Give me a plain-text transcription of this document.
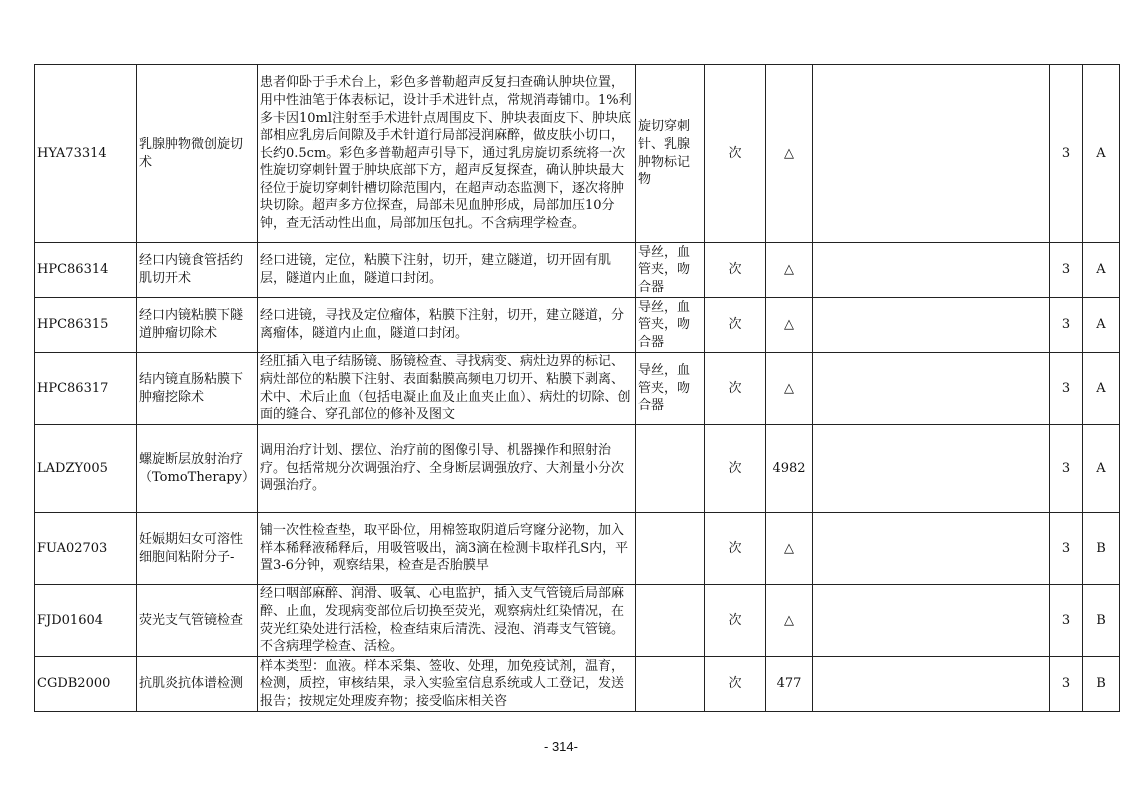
HYA73314	乳腺肿物微创旋切术	患者仰卧于手术台上，彩色多普勒超声反复扫查确认肿块位置，用中性油笔于体表标记，设计手术进针点，常规消毒铺巾。1%利多卡因10ml注射至手术进针点周围皮下、肿块表面皮下、肿块底部相应乳房后间隙及手术针道行局部浸润麻醉，做皮肤小切口，长约0.5cm。彩色多普勒超声引导下，通过乳房旋切系统将一次性旋切穿刺针置于肿块底部下方，超声反复探查，确认肿块最大径位于旋切穿刺针槽切除范围内，在超声动态监测下，逐次将肿块切除。超声多方位探查，局部未见血肿形成，局部加压10分钟，查无活动性出血，局部加压包扎。不含病理学检查。	旋切穿刺针、乳腺肿物标记物	次	△		3	A

HPC86314	经口内镜食管括约肌切开术	经口进镜，定位，粘膜下注射，切开，建立隧道，切开固有肌层，隧道内止血，隧道口封闭。	导丝，血管夹，吻合器	次	△		3	A

HPC86315	经口内镜粘膜下隧道肿瘤切除术	经口进镜，寻找及定位瘤体，粘膜下注射，切开，建立隧道，分离瘤体，隧道内止血，隧道口封闭。	导丝，血管夹，吻合器	次	△		3	A

HPC86317	结内镜直肠粘膜下肿瘤挖除术	经肛插入电子结肠镜、肠镜检查、寻找病变、病灶边界的标记、病灶部位的粘膜下注射、表面黏膜高频电刀切开、粘膜下剥离、术中、术后止血（包括电凝止血及止血夹止血）、病灶的切除、创面的缝合、穿孔部位的修补及图文	导丝，血管夹，吻合器	次	△		3	A

LADZY005	螺旋断层放射治疗（TomoTherapy）	调用治疗计划、摆位、治疗前的图像引导、机器操作和照射治疗。包括常规分次调强治疗、全身断层调强放疗、大剂量小分次调强治疗。		次	4982		3	A

FUA02703	妊娠期妇女可溶性细胞间粘附分子-	铺一次性检查垫，取平卧位，用棉签取阴道后穹窿分泌物，加入样本稀释液稀释后，用吸管吸出，滴3滴在检测卡取样孔S内，平置3-6分钟，观察结果，检查是否胎膜早		次	△		3	B

FJD01604	荧光支气管镜检查	经口咽部麻醉、润滑、吸氧、心电监护，插入支气管镜后局部麻醉、止血，发现病变部位后切换至荧光，观察病灶红染情况，在荧光红染处进行活检，检查结束后清洗、浸泡、消毒支气管镜。不含病理学检查、活检。		次	△		3	B

CGDB2000	抗肌炎抗体谱检测	样本类型：血液。样本采集、签收、处理，加免疫试剂，温育，检测，质控，审核结果，录入实验室信息系统或人工登记，发送报告；按规定处理废弃物；接受临床相关咨		次	477		3	B
- 314-
